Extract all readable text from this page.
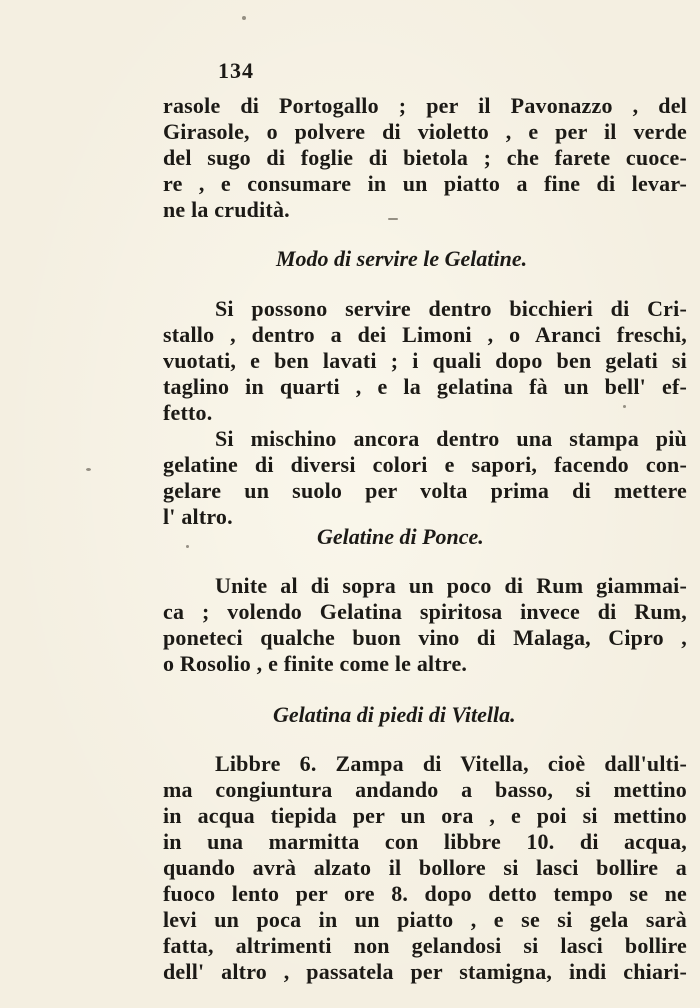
134
rasole di Portogallo ; per il Pavonazzo , del
Girasole, o polvere di violetto , e per il verde
del sugo di foglie di bietola ; che farete cuoce-
re , e consumare in un piatto a fine di levar-
ne la crudità.
Modo di servire le Gelatine.
Si possono servire dentro bicchieri di Cri-
stallo , dentro a dei Limoni , o Aranci freschi,
vuotati, e ben lavati ; i quali dopo ben gelati si
taglino in quarti , e la gelatina fà un bell' ef-
fetto.
Si mischino ancora dentro una stampa più
gelatine di diversi colori e sapori, facendo con-
gelare un suolo per volta prima di mettere
l' altro.
Gelatine di Ponce.
Unite al di sopra un poco di Rum giammai-
ca ; volendo Gelatina spiritosa invece di Rum,
poneteci qualche buon vino di Malaga, Cipro ,
o Rosolio , e finite come le altre.
Gelatina di piedi di Vitella.
Libbre 6. Zampa di Vitella, cioè dall'ulti-
ma congiuntura andando a basso, si mettino
in acqua tiepida per un ora , e poi si mettino
in una marmitta con libbre 10. di acqua,
quando avrà alzato il bollore si lasci bollire a
fuoco lento per ore 8. dopo detto tempo se ne
levi un poca in un piatto , e se si gela sarà
fatta, altrimenti non gelandosi si lasci bollire
dell' altro , passatela per stamigna, indi chiari-
